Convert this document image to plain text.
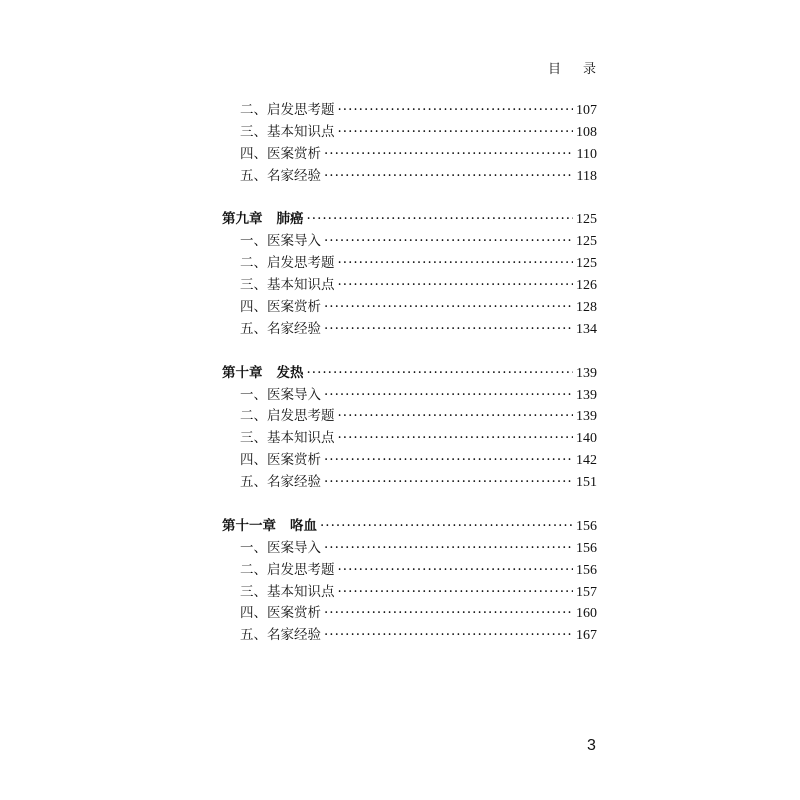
目录
二、启发思考题 ·····	107
三、基本知识点 ·····	108
四、医案赏析 ·····	110
五、名家经验 ·····	118
第九章 肺癌 ·····	125
一、医案导入 ·····	125
二、启发思考题 ·····	125
三、基本知识点 ·····	126
四、医案赏析 ·····	128
五、名家经验 ·····	134
第十章 发热 ·····	139
一、医案导入 ·····	139
二、启发思考题 ·····	139
三、基本知识点 ·····	140
四、医案赏析 ·····	142
五、名家经验 ·····	151
第十一章 咯血 ·····	156
一、医案导入 ·····	156
二、启发思考题 ·····	156
三、基本知识点 ·····	157
四、医案赏析 ·····	160
五、名家经验 ·····	167
3
